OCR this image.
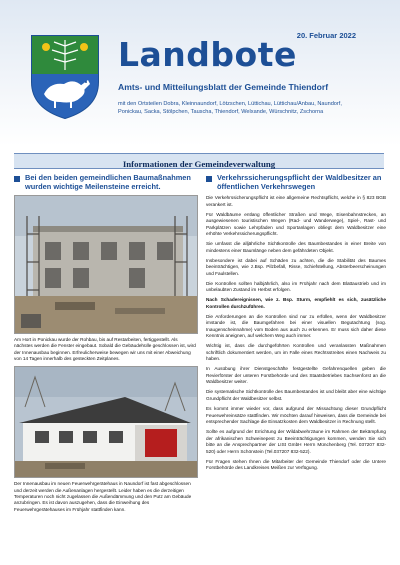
20. Februar 2022
Landbote
Amts- und Mitteilungsblatt der Gemeinde Thiendorf
mit den Ortsteilen Dobra, Kleinnaundorf, Lötzschen, Lüttichau, Lüttichau/Anbau, Naundorf, Ponickau, Sacka, Stölpchen, Tauscha, Thiendorf, Welxande, Würschnitz, Zschorna
Informationen der Gemeindeverwaltung
Bei den beiden gemeindlichen Baumaßnahmen wurden wichtige Meilensteine erreicht.
Am Hort in Ponickau wurde der Rohbau, bis auf Restarbeiten, fertiggestellt. Als nächstes werden die Fenster eingebaut. Sobald die Gebäudehülle geschlossen ist, wird der Innenausbau beginnen. Erfreulicherweise bewegen wir uns mit einer Abweichung von 14 Tagen innerhalb des gesteckten Zeitplanes.
Der Innenausbau im neuen Feuerwehrgerätehaus in Naundorf ist fast abgeschlossen und derzeit werden die Außenanlagen hergestellt. Leider haben es die derzeitigen Temperaturen noch nicht zugelassen die Außendämmung und den Putz am Gebäude anzubringen. Es ist davon auszugehen, dass die Einweihung des Feuerwehrgerätehauses im Frühjahr stattfinden kann.
Verkehrssicherungspflicht der Waldbesitzer an öffentlichen Verkehrswegen

Die Verkehrssicherungspflicht ist eine allgemeine Rechtspflicht, welche in § 823 BGB verankert ist.

Für Waldbäume entlang öffentlicher Straßen und Wege, Eisenbahnstrecken, an ausgewiesenen touristischen Wegen (Rad- und Wanderwege), Spiel-, Rast- und Parkplätzen sowie Lehrpfaden und Sportanlagen obliegt dem Waldbesitzer eine erhöhte Verkehrssicherungspflicht.

Sie umfasst die alljährliche Sichtkontrolle des Baumbestandes in einer Breite von mindestens einer Baumlänge neben dem gefährdeten Objekt.

Insbesondere ist dabei auf Schäden zu achten, die die Stabilität des Baumes beeinträchtigen, wie z.Bsp. Pilzbefall, Risse, Schiefstellung, Absterbeerscheinungen und Faulstellen.

Die Kontrollen sollten halbjährlich, also im Frühjahr nach dem Blattaustrieb und im unbelaubten Zustand im Herbst erfolgen.

Nach Schadereignissen, wie z. Bsp. Sturm, empfiehlt es sich, zusätzliche Kontrollen durchzuführen.

Die Anforderungen an die Kontrollen sind nur zu erfüllen, wenn der Waldbesitzer imstande ist, die Baumgefahren bei einer visuellen Begutachtung (sog. Inaugenscheinnahme) vom Boden aus auch zu erkennen. Er muss sich daher diese Kenntnis aneignen, auf welchem Weg auch immer.

Wichtig ist, dass die durchgeführten Kontrollen und veranlassten Maßnahmen schriftlich dokumentiert werden, um im Falle eines Rechtsstreites einen Nachweis zu haben.

In Ausübung ihrer Dienstgeschäfte festgestellte Gefahrenquellen geben die Revierförster der unteren Forstbehörde und des Staatsbetriebes Sachsenforst an die Waldbesitzer weiter.

Die systematische Sichtkontrolle des Baumbestandes ist und bleibt aber eine wichtige Grundpflicht der Waldbesitzer selbst.

Es kommt immer wieder vor, dass aufgrund der Missachtung dieser Grundpflicht Feuerwehreinsätze stattfinden. Wir möchten darauf hinweisen, dass die Gemeinde bei entsprechender Sachlage die Einsatzkosten dem Waldbesitzer in Rechnung stellt.

Sollte es aufgrund der Errichtung der Wildabwehrzäune im Rahmen der Bekämpfung der afrikanischen Schweinepest zu Beeinträchtigungen kommen, wenden Sie sich bitte an die Ansprechpartner der LISt GmbH Herrn Münchenberg (Tel. 037207 832-520) oder Herrn Schönstein (Tel.037207 832-522).

Für Fragen stehen Ihnen die Mitarbeiter der Gemeinde Thiendorf oder die Untere Forstbehörde des Landkreises Meißen zur Verfügung.
